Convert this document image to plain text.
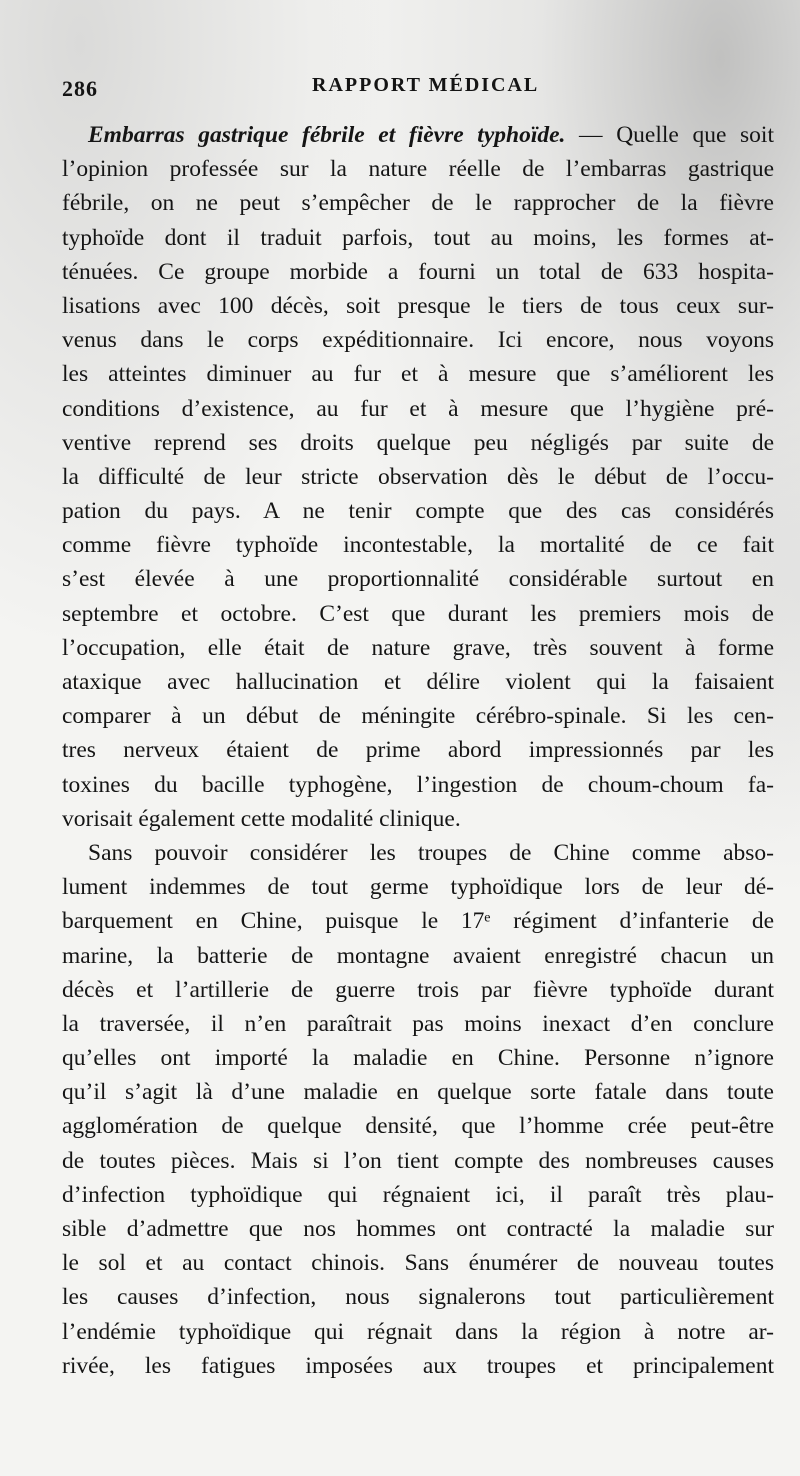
286	RAPPORT MÉDICAL
Embarras gastrique fébrile et fièvre typhoïde. — Quelle que soit
l’opinion professée sur la nature réelle de l’embarras gastrique
fébrile, on ne peut s’empêcher de le rapprocher de la fièvre
typhoïde dont il traduit parfois, tout au moins, les formes at-
ténuées. Ce groupe morbide a fourni un total de 633 hospita-
lisations avec 100 décès, soit presque le tiers de tous ceux sur-
venus dans le corps expéditionnaire. Ici encore, nous voyons
les atteintes diminuer au fur et à mesure que s’améliorent les
conditions d’existence, au fur et à mesure que l’hygiène pré-
ventive reprend ses droits quelque peu négligés par suite de
la difficulté de leur stricte observation dès le début de l’occu-
pation du pays. A ne tenir compte que des cas considérés
comme fièvre typhoïde incontestable, la mortalité de ce fait
s’est élevée à une proportionnalité considérable surtout en
septembre et octobre. C’est que durant les premiers mois de
l’occupation, elle était de nature grave, très souvent à forme
ataxique avec hallucination et délire violent qui la faisaient
comparer à un début de méningite cérébro-spinale. Si les cen-
tres nerveux étaient de prime abord impressionnés par les
toxines du bacille typhogène, l’ingestion de choum-choum fa-
vorisait également cette modalité clinique.
Sans pouvoir considérer les troupes de Chine comme abso-
lument indemmes de tout germe typhoïdique lors de leur dé-
barquement en Chine, puisque le 17ᵉ régiment d’infanterie de
marine, la batterie de montagne avaient enregistré chacun un
décès et l’artillerie de guerre trois par fièvre typhoïde durant
la traversée, il n’en paraîtrait pas moins inexact d’en conclure
qu’elles ont importé la maladie en Chine. Personne n’ignore
qu’il s’agit là d’une maladie en quelque sorte fatale dans toute
agglomération de quelque densité, que l’homme crée peut-être
de toutes pièces. Mais si l’on tient compte des nombreuses causes
d’infection typhoïdique qui régnaient ici, il paraît très plau-
sible d’admettre que nos hommes ont contracté la maladie sur
le sol et au contact chinois. Sans énumérer de nouveau toutes
les causes d’infection, nous signalerons tout particulièrement
l’endémie typhoïdique qui régnait dans la région à notre ar-
rivée, les fatigues imposées aux troupes et principalement
